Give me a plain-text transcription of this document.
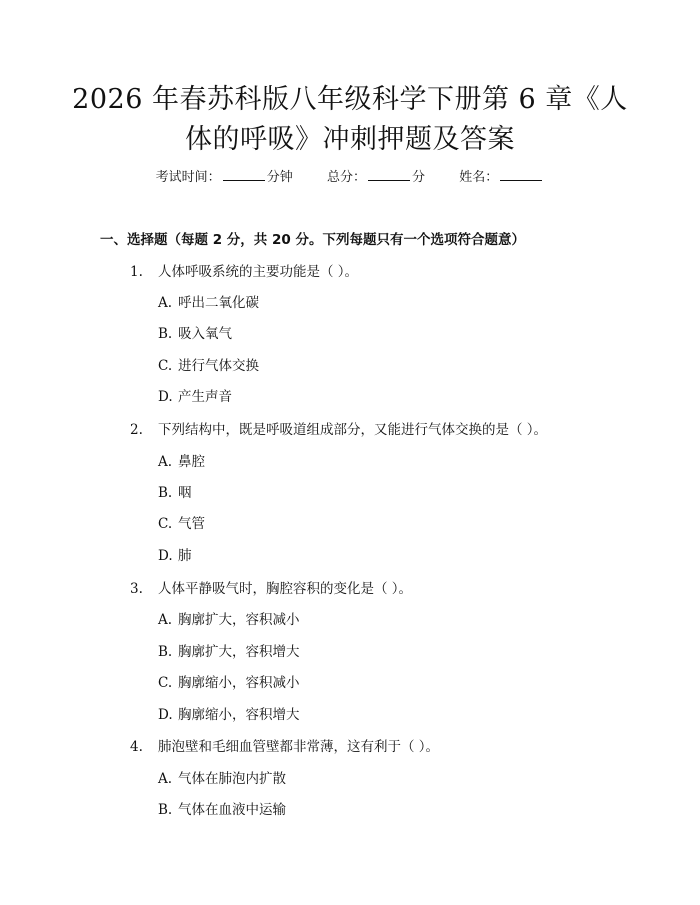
2026 年春苏科版八年级科学下册第 6 章《人
体的呼吸》冲刺押题及答案
考试时间：	分钟	总分：	分	姓名：
一、选择题（每题 2 分，共 20 分。下列每题只有一个选项符合题意）
1. 人体呼吸系统的主要功能是（ ）。
A. 呼出二氧化碳
B. 吸入氧气
C. 进行气体交换
D. 产生声音
2. 下列结构中，既是呼吸道组成部分，又能进行气体交换的是（ ）。
A. 鼻腔
B. 咽
C. 气管
D. 肺
3. 人体平静吸气时，胸腔容积的变化是（ ）。
A. 胸廓扩大，容积减小
B. 胸廓扩大，容积增大
C. 胸廓缩小，容积减小
D. 胸廓缩小，容积增大
4. 肺泡壁和毛细血管壁都非常薄，这有利于（ ）。
A. 气体在肺泡内扩散
B. 气体在血液中运输
